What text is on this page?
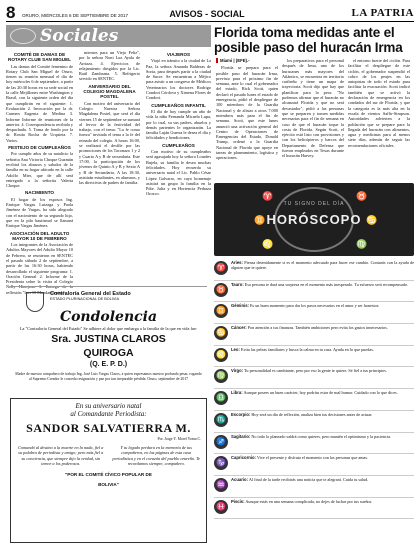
8	ORURO, MIÉRCOLES 6 DE SEPTIEMBRE DE 2017	AVISOS - SOCIAL	LA PATRIA
Sociales
COMITÉ DE DAMAS DE ROTARY CLUB SAN MIGUEL

Las damas del Comité femenino de Rotary Club San Miguel de Oruro, tienen su reunión mensual el día de hoy miércoles 6 de septiembre, a partir de las 20:30 horas en su sede social en la calle Mejillones entre Washington y Brasil, con la siguiente orden del día que cumplirán en el siguiente: 1. Evaluación 2. Invocación por la dr. Carmen Eugenia de Medina 3. Informe Informe de reuniones de la anterior. 4. Correspondencia recibida y despachada. 5. Toma de fondo por la dr. Rosita Rocha de Urquieta. 7. Varios.

FESTEJO DE CUMPLEAÑOS

Por cumplir años de su natalicio la señorita Ana Victoria Choque Guzmán recibirá los abrazos y saludos de la familia en su hogar ubicado en la calle Adolfo Mier, que de allí será entregado a la señorita Valeria Choque.

NACIMIENTO

El hogar de los esposos Ing. Enrique Vargas Luizaga y Paola Jiménez de Vargas, ha sido alegrado con el nacimiento de su segundo hijo, que en la pila bautismal se llamará Enrique Vargas Jiménez.

ASOCIACIÓN DEL ADULTO MAYOR 10 DE FEBRERO

Los integrantes de la Asociación de Adultos Mayores del Adulto Mayor 10 de Febrero, se reunieron en SENTEC el pasado sábado 2 de septiembre, a partir de las 16:30 horas, habiendo desarrollado el siguiente programa: 1. Oración General 2. Informe de la Presidenta sobre la visita al Colegio Nelly Hinojosa. 3. Entrega de la reflexión "Los 10 Mandamientos".

mientos para un Viejo Feliz", por la señora Noni Luz Ayala de Arriaza. 4. Ejercicios de relajamiento dirigidos por la Lic. Raúl Zambrana. 5. Refrigerio servido en SENTEC.

ANIVERSARIO DEL COLEGIO MAGDALENA POSTEL

Con motivo del aniversario del Colegio Nuestra Señora Magdalena Postel, que será el día viernes 15 de septiembre se sumará al fervor de la festividad del trabajo, con el tema: "La fe como fuerza" invitada el tema a la fe del reinado del colegio. A horas 16:00, se realizará el desfile por las promociones de los Taconazo 1 y 2 y Cuarto A y B de secundaria. Este 17:00, la participación de los jóvenes de Quinto A y B y Sexto A y B de Secundaria. A las 18:30, asistirán estudiantes, ex alumnos, y las directivas de padres de familia.

VIAJEROS

Viajó en tránsito a la ciudad de La Paz, la señora Amanda Balderas de Soria, para después partir a la ciudad de Sucre. Se encuentran a Méjico para asistir a un congreso de Médicos Veterinarios los doctores Rodrigo Condori Córdova y Ximena Flores de Condori.

CUMPLEAÑOS INFANTIL

El día de hoy cumple un año de vida la niña Fernanda Micaela Lupa, por lo cual, su sus padres, abuelos y demás parientes le organizarán. La familia Luján Guerra le desea el día y felicidades y bendiciones.

CUMPLEAÑOS

Con motivo de su cumpleaños será agasajada hoy la señora Lourdes Bujela, su familia le desea muchas felicidades. Hoy recuerda su aniversario natal el Lic. Pablo César López Galvarro, en cuyo homenaje asistirá un grupo la familia en la Pdte. Julia y en Hortencia Pedraza Orozco.

Florida toma medidas ante el posible paso del huracán Irma
Miami | (EFE).-

Florida se prepara para el posible paso del huracán Irma, previsto para el próximo fin de semana, ante lo cual el gobernador del estado, Rick Scott, quien declaró el pasado lunes el estado de emergencia, pidió el despliegue de 100 miembros de la Guardia Nacional y de alistar a otros 7.000 miembros más para el fin de semana. Scott, que este lunes anunció una activación general del Centro de Operaciones de Emergencias del Estado, Donald Trump, ordenó a la Guardia Nacional de Florida que apoye en tareas de planeamiento, logística y operaciones.

los preparativos para el personal después de Irma, uno de los huracanes más mayores del Atlántico, se encuentra en territorio caribeño y tiene un mapa de trayectoria. Scott dijo que hay que planificar para lo peor. "No podemos afirmar que el huracán no alcanzará Florida y que no será devastador", pidió a las personas que se preparen y tomen medidas necesarias para el fin de semana en caso de que el huracán toque la costa de Florida. Según Scott, el ejército está listo con provisiones y con los helicópteros y barcos del Departamento de Defensa que fueron empleados en Texas durante el huracán Harvey.

el entorno fuerte del ciclón. Para facilitar el despliegue de este ciclón, el gobernador suspendió el cobro de los peajes en las autopistas de todo el estado para facilitar la evacuación. Scott indicó también que se activó la declaración de emergencia en los condados del sur de Florida, y que la categoría es la más alta en la escala de vientos Saffir-Simpson. Autoridades advierten a la población que se prepare para la llegada del huracán con alimentos, agua y medicinas para al menos siete días, además de seguir las recomendaciones oficiales.

♈	♉
♊	♋
♌	♍
TU SIGNO DEL DÍA
HORÓSCOPO
♈
Aries: Piensa detenidamente si es el momento adecuado para hacer ese cambio. Contarás con la ayuda de alguien que te quiere.
♉
Tauro: Esa persona te dará una sorpresa en el momento más inesperado. Tu esfuerzo será recompensado.
♊
Géminis: Es un buen momento para dar los pasos necesarios en el amor y ser honestos.
♋
Cáncer: Pon atención a tus finanzas. También ambiciones pero evita los gastos innecesarios.
♌
Leo: Evita las peleas familiares y busca la calma en tu casa. Ayuda en lo que puedas.
♍
Virgo: Tu personalidad es cambiante, pero por eso la gente te quiere. Sé fiel a tus principios.
♎
Libra: Aunque posees un buen carácter, hoy podrías estar de mal humor. Cuidado con lo que dices.
♏
Escorpio: Hoy será un día de reflexión, analiza bien tus decisiones antes de actuar.
♐
Sagitario: No todo lo planeado saldrá como quieres, pero mantén el optimismo y la paciencia.
♑
Capricornio: Vive el presente y disfruta el momento con las personas que amas.
♒
Acuario: Al final de la tarde recibirás una noticia que te alegrará. Cuida tu salud.
♓
Piscis: Aunque estás en una semana complicada, no dejes de luchar por tus sueños.
Contraloría General del Estado
ESTADO PLURINACIONAL DE BOLIVIA
Condolencia
La "Contraloría General del Estado" Se adhiere al dolor que embarga a la familia de la que en vida fue:
Sra. JUSTINA CLAROS
QUIROGA
(Q. E. P. D.)
Madre de nuestro compañero de trabajo Ing. José Luis Vargas Claros, a quien expresamos nuestro profundo pesar, rogando al Supremo Creador le conceda resignación y paz por tan irreparable pérdida. Oruro, septiembre de 2017
En su aniversario natal
al Comandante Periodista:
SANDOR SALVATIERRA M.
Por. Jorge Y. Morel Yoma C.
Comandó al destino a la muerte en la nada, fiel a su palabra de periodista y amigo; pero más fiel a su conciencia, que siempre dijo la verdad, sin temor a los poderosos.
Y tu legado perdura en la memoria de tus compañeros, en las páginas de esta casa periodística y en el corazón del pueblo orureño. Te recordamos siempre, compañero.
"POR EL COMITÉ CÍVICO POPULAR DE
BOLIVIA"
